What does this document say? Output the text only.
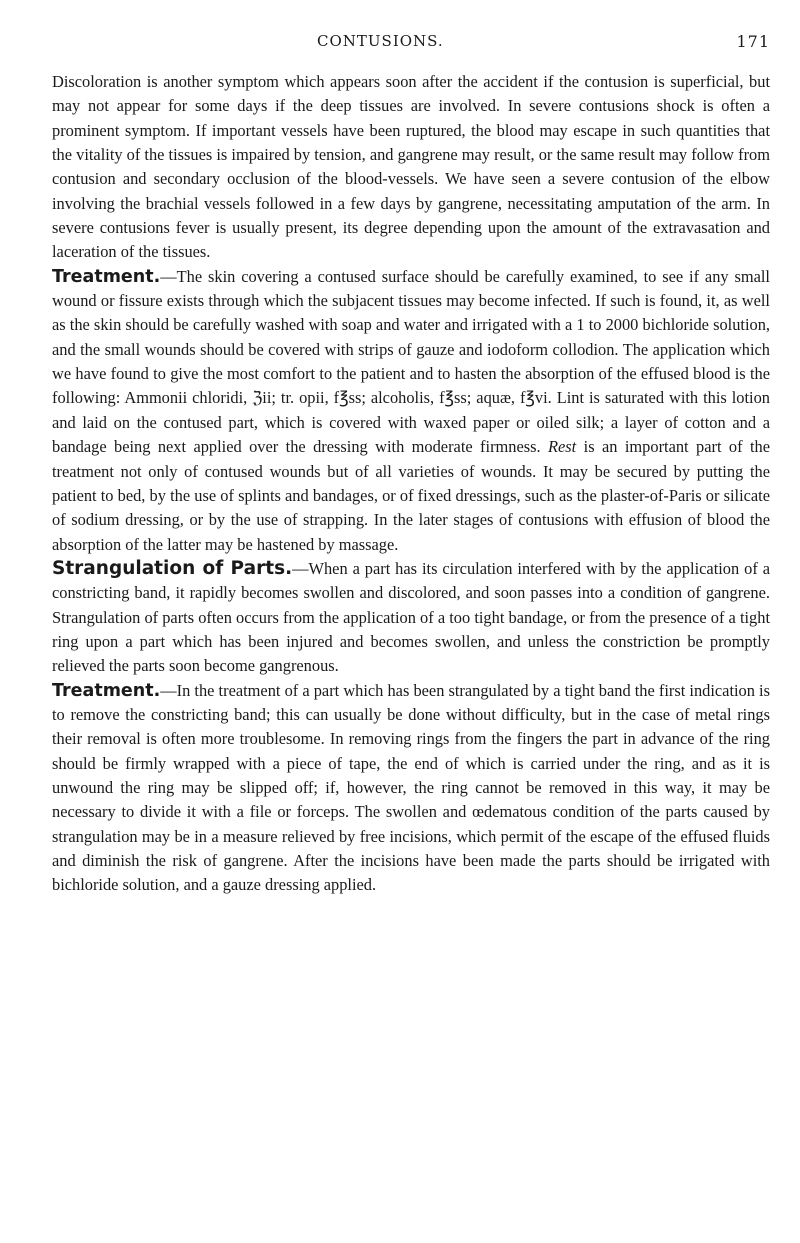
CONTUSIONS.	171

Discoloration is another symptom which appears soon after the accident if the contusion is superficial, but may not appear for some days if the deep tissues are involved. In severe contusions shock is often a prominent symptom. If important vessels have been ruptured, the blood may escape in such quantities that the vitality of the tissues is impaired by tension, and gangrene may result, or the same result may follow from contusion and secondary occlusion of the blood-vessels. We have seen a severe contusion of the elbow involving the brachial vessels followed in a few days by gangrene, necessitating amputation of the arm. In severe contusions fever is usually present, its degree depending upon the amount of the extravasation and laceration of the tissues.

Treatment.—The skin covering a contused surface should be carefully examined, to see if any small wound or fissure exists through which the subjacent tissues may become infected. If such is found, it, as well as the skin should be carefully washed with soap and water and irrigated with a 1 to 2000 bichloride solution, and the small wounds should be covered with strips of gauze and iodoform collodion. The application which we have found to give the most comfort to the patient and to hasten the absorption of the effused blood is the following: Ammonii chloridi, ℨii; tr. opii, f℥ss; alcoholis, f℥ss; aquæ, f℥vi. Lint is saturated with this lotion and laid on the contused part, which is covered with waxed paper or oiled silk; a layer of cotton and a bandage being next applied over the dressing with moderate firmness. Rest is an important part of the treatment not only of contused wounds but of all varieties of wounds. It may be secured by putting the patient to bed, by the use of splints and bandages, or of fixed dressings, such as the plaster-of-Paris or silicate of sodium dressing, or by the use of strapping. In the later stages of contusions with effusion of blood the absorption of the latter may be hastened by massage.

Strangulation of Parts.—When a part has its circulation interfered with by the application of a constricting band, it rapidly becomes swollen and discolored, and soon passes into a condition of gangrene. Strangulation of parts often occurs from the application of a too tight bandage, or from the presence of a tight ring upon a part which has been injured and becomes swollen, and unless the constriction be promptly relieved the parts soon become gangrenous.

Treatment.—In the treatment of a part which has been strangulated by a tight band the first indication is to remove the constricting band; this can usually be done without difficulty, but in the case of metal rings their removal is often more troublesome. In removing rings from the fingers the part in advance of the ring should be firmly wrapped with a piece of tape, the end of which is carried under the ring, and as it is unwound the ring may be slipped off; if, however, the ring cannot be removed in this way, it may be necessary to divide it with a file or forceps. The swollen and œdematous condition of the parts caused by strangulation may be in a measure relieved by free incisions, which permit of the escape of the effused fluids and diminish the risk of gangrene. After the incisions have been made the parts should be irrigated with bichloride solution, and a gauze dressing applied.
